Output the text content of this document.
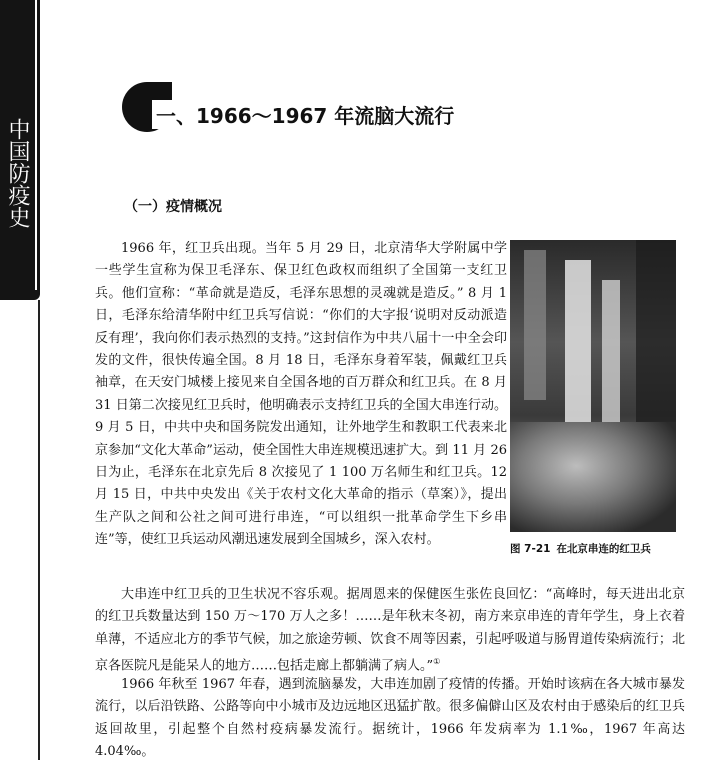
中国防疫史
一、1966～1967 年流脑大流行
（一）疫情概况

1966 年，红卫兵出现。当年 5 月 29 日，北京清华大学附属中学一些学生宣称为保卫毛泽东、保卫红色政权而组织了全国第一支红卫兵。他们宣称：“革命就是造反，毛泽东思想的灵魂就是造反。” 8 月 1 日，毛泽东给清华附中红卫兵写信说：“你们的大字报‘说明对反动派造反有理’，我向你们表示热烈的支持。”这封信作为中共八届十一中全会印发的文件，很快传遍全国。8 月 18 日，毛泽东身着军装，佩戴红卫兵袖章，在天安门城楼上接见来自全国各地的百万群众和红卫兵。在 8 月 31 日第二次接见红卫兵时，他明确表示支持红卫兵的全国大串连行动。9 月 5 日，中共中央和国务院发出通知，让外地学生和教职工代表来北京参加“文化大革命”运动，使全国性大串连规模迅速扩大。到 11 月 26 日为止，毛泽东在北京先后 8 次接见了 1 100 万名师生和红卫兵。12 月 15 日，中共中央发出《关于农村文化大革命的指示（草案）》，提出生产队之间和公社之间可进行串连，“可以组织一批革命学生下乡串连”等，使红卫兵运动风潮迅速发展到全国城乡，深入农村。

图 7-21 在北京串连的红卫兵

大串连中红卫兵的卫生状况不容乐观。据周恩来的保健医生张佐良回忆：“高峰时，每天进出北京的红卫兵数量达到 150 万～170 万人之多！……是年秋末冬初，南方来京串连的青年学生，身上衣着单薄，不适应北方的季节气候，加之旅途劳顿、饮食不周等因素，引起呼吸道与肠胃道传染病流行；北京各医院凡是能呆人的地方……包括走廊上都躺满了病人。”①

1966 年秋至 1967 年春，遇到流脑暴发，大串连加剧了疫情的传播。开始时该病在各大城市暴发流行，以后沿铁路、公路等向中小城市及边远地区迅猛扩散。很多偏僻山区及农村由于感染后的红卫兵返回故里，引起整个自然村疫病暴发流行。据统计，1966 年发病率为 1.1‰，1967 年高达 4.04‰。
